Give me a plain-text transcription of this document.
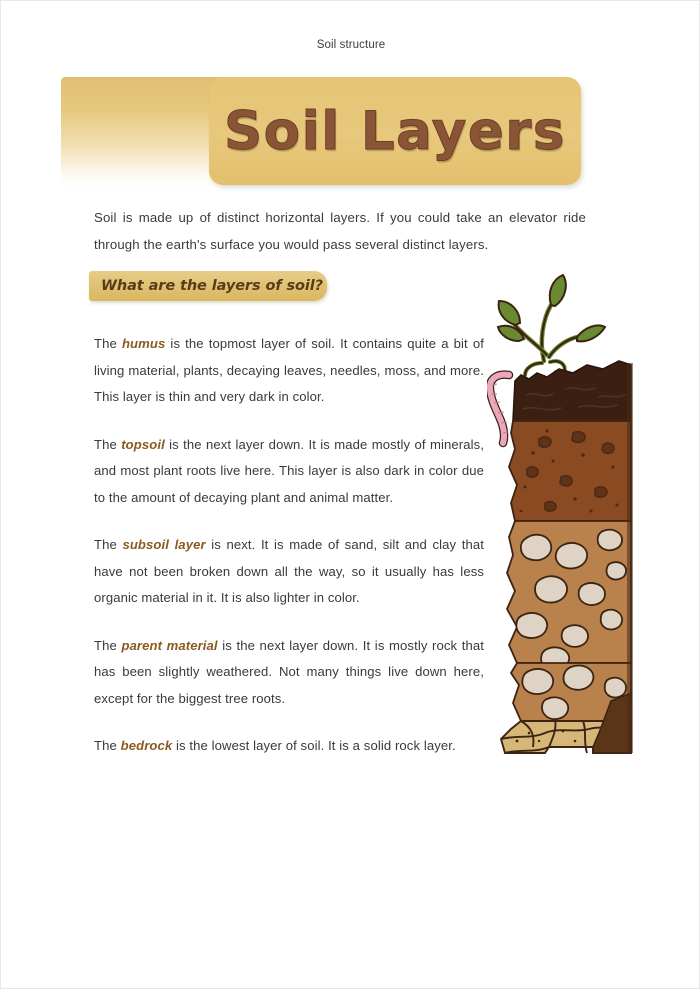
Soil structure
Soil Layers
Soil is made up of distinct horizontal layers. If you could take an elevator ride through the earth's surface you would pass several distinct layers.
What are the layers of soil?

The humus is the topmost layer of soil. It contains quite a bit of living material, plants, decaying leaves, needles, moss, and more. This layer is thin and very dark in color.

The topsoil is the next layer down. It is made mostly of minerals, and most plant roots live here. This layer is also dark in color due to the amount of decaying plant and animal matter.

The subsoil layer is next. It is made of sand, silt and clay that have not been broken down all the way, so it usually has less organic material in it. It is also lighter in color.

The parent material is the next layer down. It is mostly rock that has been slightly weathered. Not many things live down here, except for the biggest tree roots.

The bedrock is the lowest layer of soil. It is a solid rock layer.
